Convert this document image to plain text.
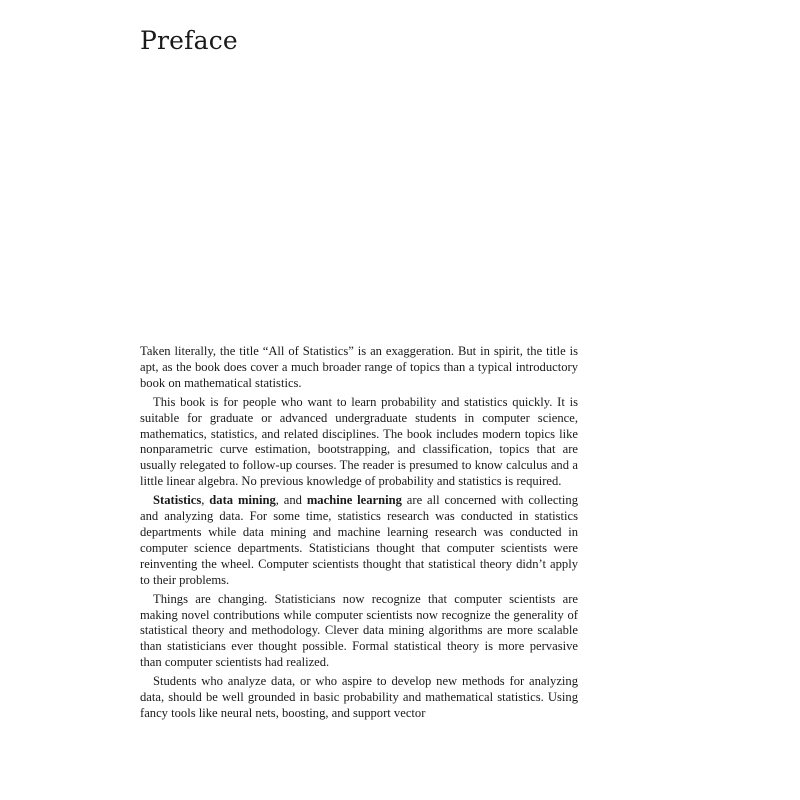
Preface

Taken literally, the title “All of Statistics” is an exaggeration. But in spirit, the title is apt, as the book does cover a much broader range of topics than a typical introductory book on mathematical statistics.

This book is for people who want to learn probability and statistics quickly. It is suitable for graduate or advanced undergraduate students in computer science, mathematics, statistics, and related disciplines. The book includes modern topics like nonparametric curve estimation, bootstrapping, and classification, topics that are usually relegated to follow-up courses. The reader is presumed to know calculus and a little linear algebra. No previous knowledge of probability and statistics is required.

Statistics, data mining, and machine learning are all concerned with collecting and analyzing data. For some time, statistics research was conducted in statistics departments while data mining and machine learning research was conducted in computer science departments. Statisticians thought that computer scientists were reinventing the wheel. Computer scientists thought that statistical theory didn’t apply to their problems.

Things are changing. Statisticians now recognize that computer scientists are making novel contributions while computer scientists now recognize the generality of statistical theory and methodology. Clever data mining algorithms are more scalable than statisticians ever thought possible. Formal statistical theory is more pervasive than computer scientists had realized.

Students who analyze data, or who aspire to develop new methods for analyzing data, should be well grounded in basic probability and mathematical statistics. Using fancy tools like neural nets, boosting, and support vector
